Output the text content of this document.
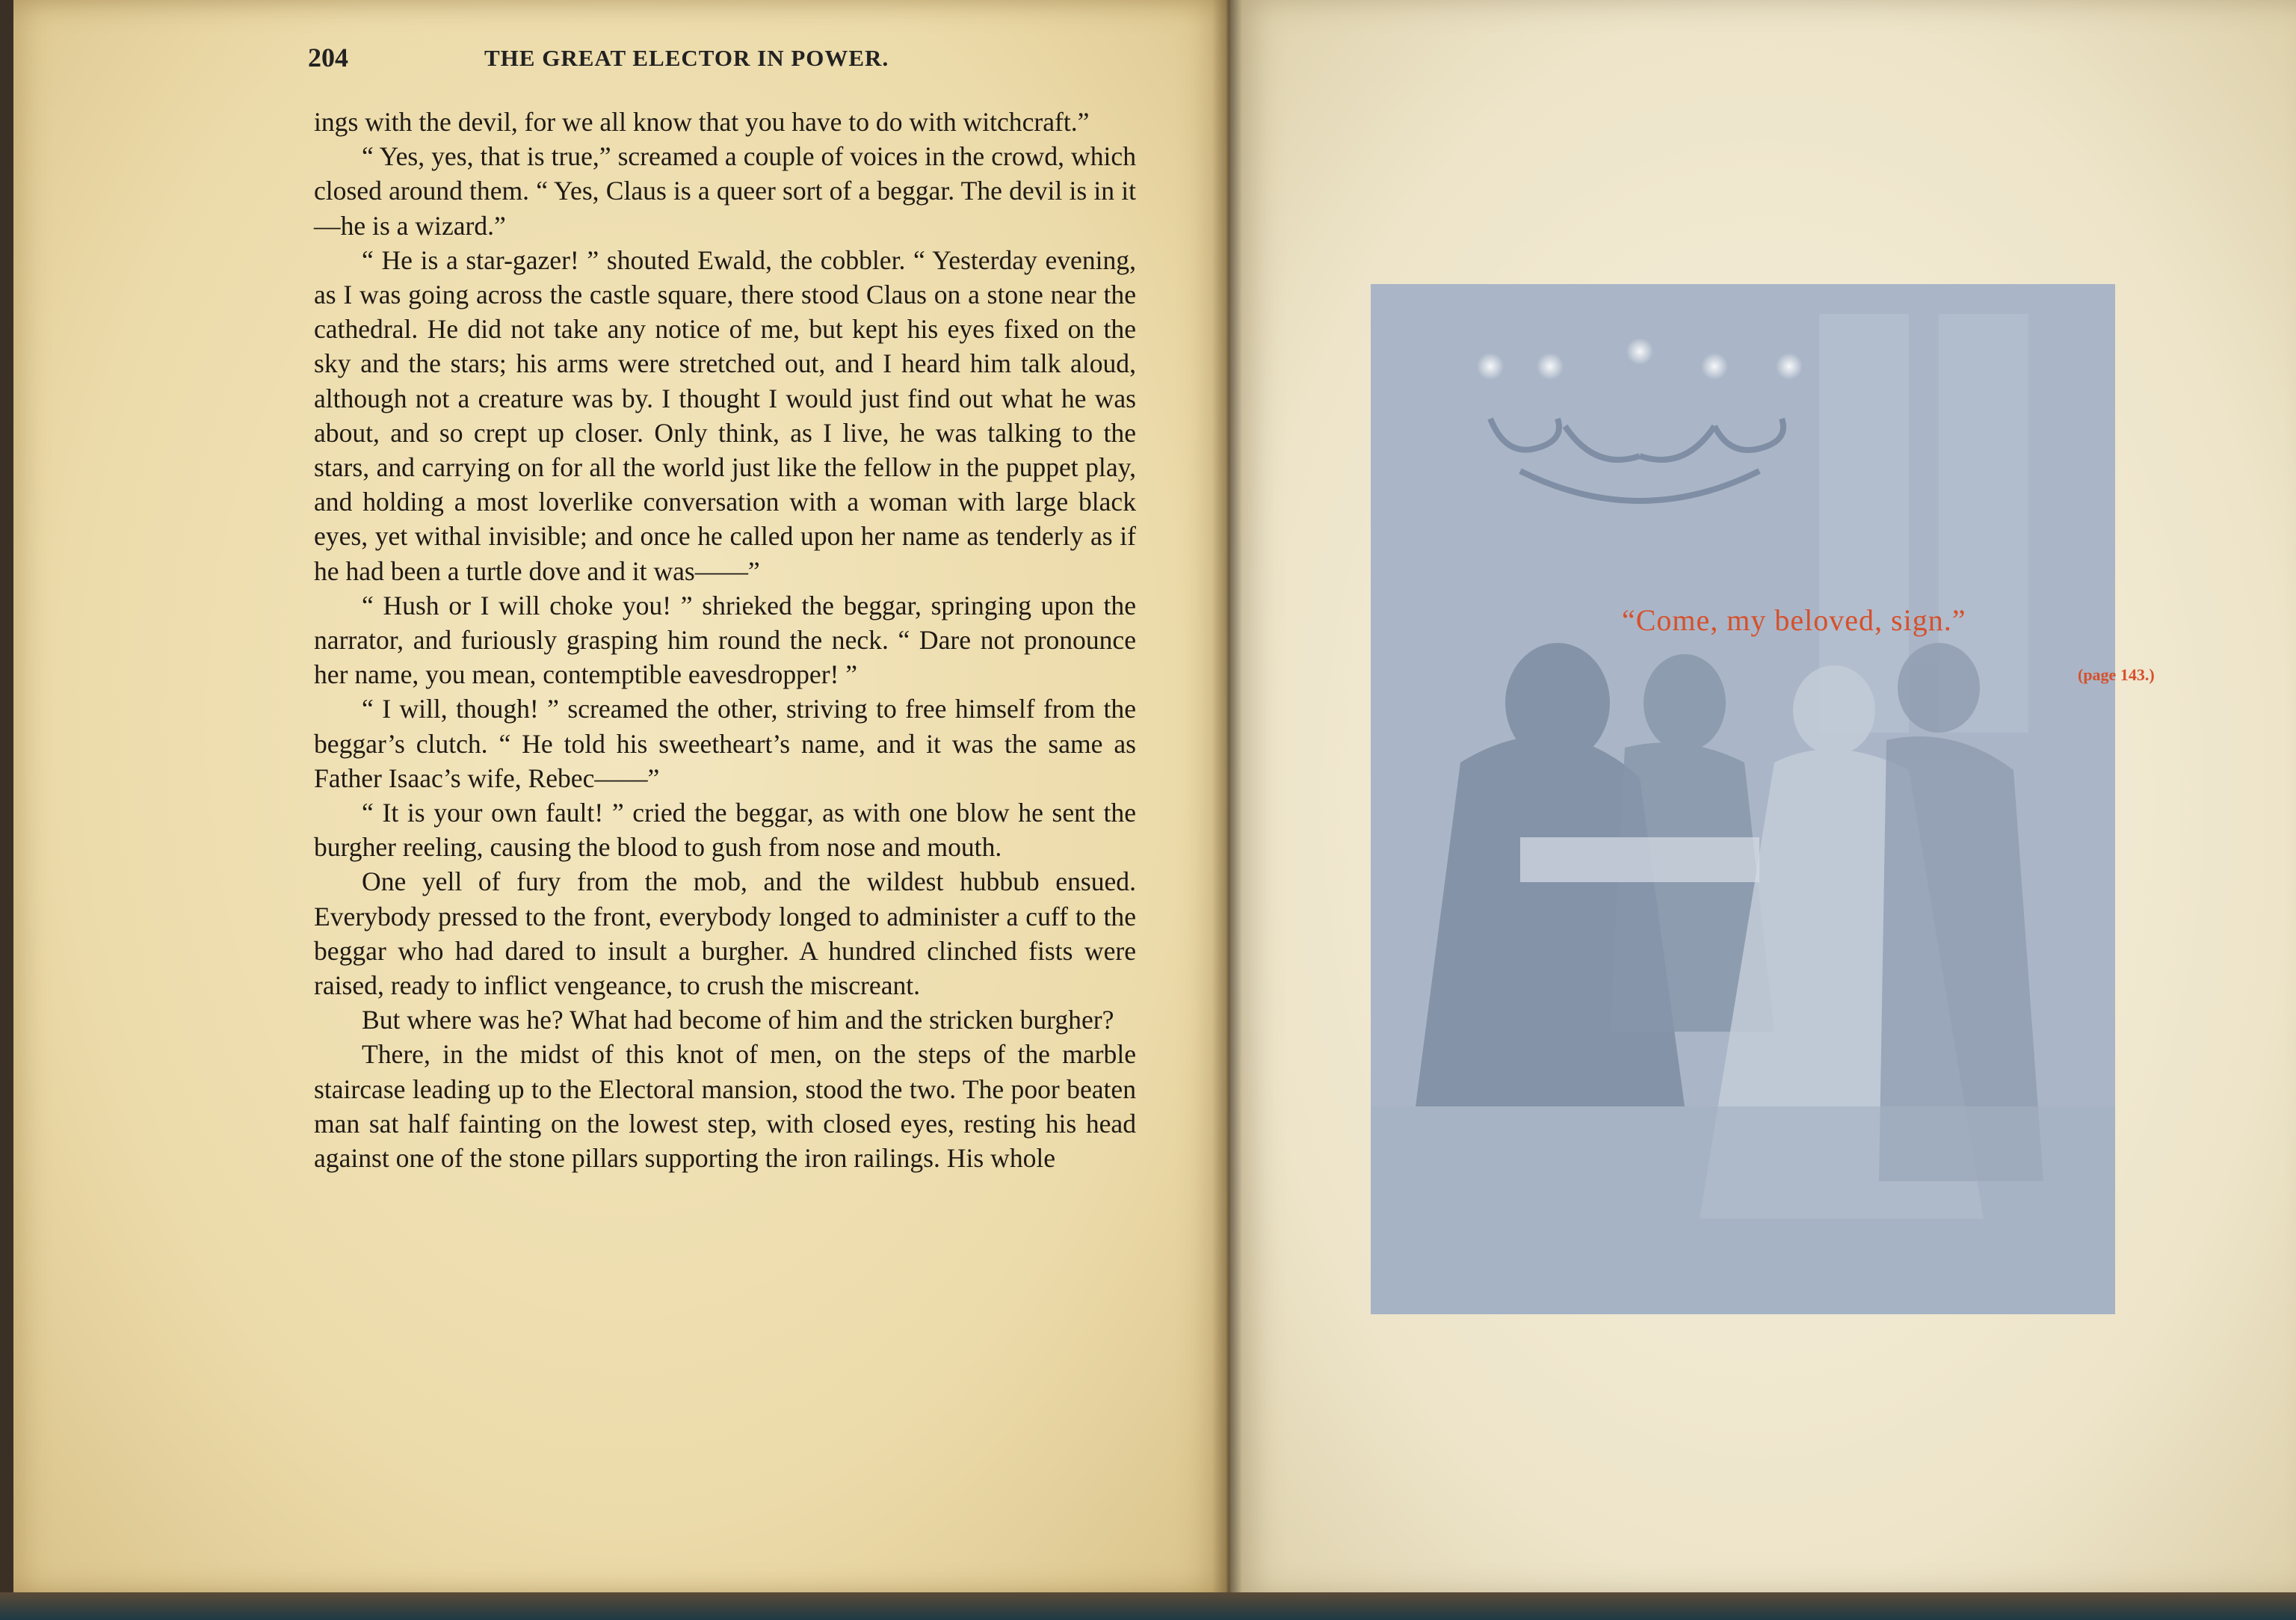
204	THE GREAT ELECTOR IN POWER.

ings with the devil, for we all know that you have to do with witchcraft.”

“ Yes, yes, that is true,” screamed a couple of voices in the crowd, which closed around them. “ Yes, Claus is a queer sort of a beggar. The devil is in it—he is a wizard.”

“ He is a star-gazer! ” shouted Ewald, the cobbler. “ Yesterday evening, as I was going across the castle square, there stood Claus on a stone near the cathedral. He did not take any notice of me, but kept his eyes fixed on the sky and the stars; his arms were stretched out, and I heard him talk aloud, although not a creature was by. I thought I would just find out what he was about, and so crept up closer. Only think, as I live, he was talking to the stars, and carrying on for all the world just like the fellow in the puppet play, and holding a most loverlike conversation with a woman with large black eyes, yet withal invisible; and once he called upon her name as tenderly as if he had been a turtle dove and it was——”

“ Hush or I will choke you! ” shrieked the beggar, springing upon the narrator, and furiously grasping him round the neck. “ Dare not pronounce her name, you mean, contemptible eavesdropper! ”

“ I will, though! ” screamed the other, striving to free himself from the beggar’s clutch. “ He told his sweetheart’s name, and it was the same as Father Isaac’s wife, Rebec——”

“ It is your own fault! ” cried the beggar, as with one blow he sent the burgher reeling, causing the blood to gush from nose and mouth.

One yell of fury from the mob, and the wildest hubbub ensued. Everybody pressed to the front, everybody longed to administer a cuff to the beggar who had dared to insult a burgher. A hundred clinched fists were raised, ready to inflict vengeance, to crush the miscreant.

But where was he? What had become of him and the stricken burgher?

There, in the midst of this knot of men, on the steps of the marble staircase leading up to the Electoral mansion, stood the two. The poor beaten man sat half fainting on the lowest step, with closed eyes, resting his head against one of the stone pillars supporting the iron railings. His whole

“Come, my beloved, sign.”
(page 143.)
